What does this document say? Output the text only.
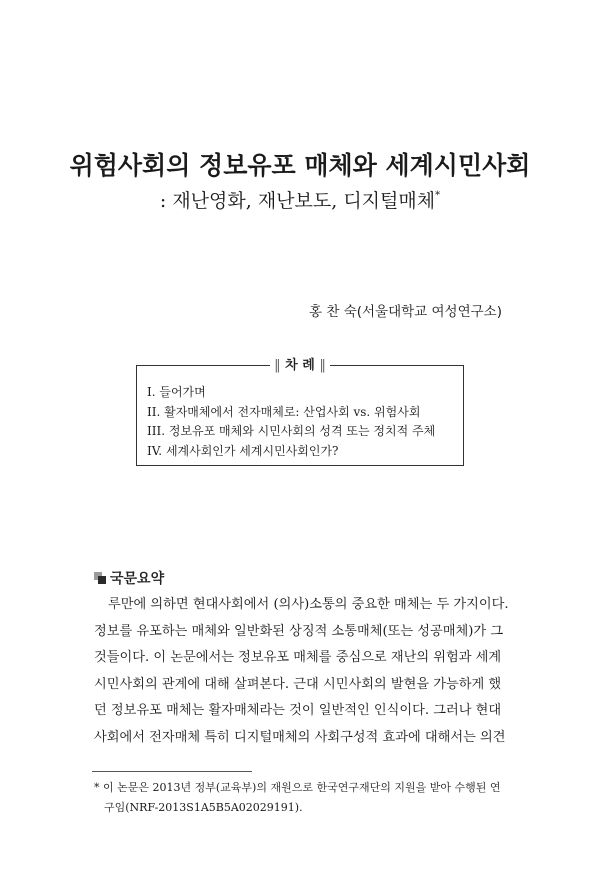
위험사회의 정보유포 매체와 세계시민사회
: 재난영화, 재난보도, 디지털매체*
홍 찬 숙(서울대학교 여성연구소)
‖ 차 례 ‖
I. 들어가며
II. 활자매체에서 전자매체로: 산업사회 vs. 위험사회
III. 정보유포 매체와 시민사회의 성격 또는 정치적 주체
IV. 세계사회인가 세계시민사회인가?
국문요약
루만에 의하면 현대사회에서 (의사)소통의 중요한 매체는 두 가지이다.
정보를 유포하는 매체와 일반화된 상징적 소통매체(또는 성공매체)가 그
것들이다. 이 논문에서는 정보유포 매체를 중심으로 재난의 위험과 세계
시민사회의 관계에 대해 살펴본다. 근대 시민사회의 발현을 가능하게 했
던 정보유포 매체는 활자매체라는 것이 일반적인 인식이다. 그러나 현대
사회에서 전자매체 특히 디지털매체의 사회구성적 효과에 대해서는 의견
* 이 논문은 2013년 정부(교육부)의 재원으로 한국연구재단의 지원을 받아 수행된 연
구임(NRF-2013S1A5B5A02029191).
